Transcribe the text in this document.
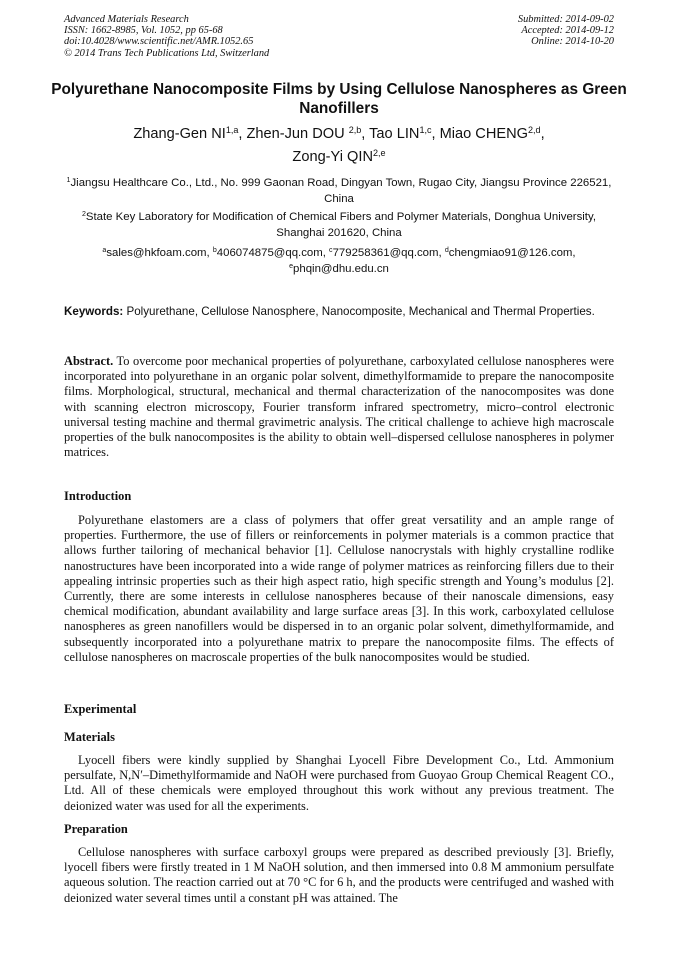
Advanced Materials Research
ISSN: 1662-8985, Vol. 1052, pp 65-68
doi:10.4028/www.scientific.net/AMR.1052.65
© 2014 Trans Tech Publications Ltd, Switzerland
Submitted: 2014-09-02
Accepted: 2014-09-12
Online: 2014-10-20
Polyurethane Nanocomposite Films by Using Cellulose Nanospheres as Green Nanofillers
Zhang-Gen NI$^{1,a}$, Zhen-Jun DOU $^{2,b}$, Tao LIN$^{1,c}$, Miao CHENG$^{2,d}$,
Zong-Yi QIN$^{2,e}$
$^1$Jiangsu Healthcare Co., Ltd., No. 999 Gaonan Road, Dingyan Town, Rugao City, Jiangsu Province 226521, China
$^2$State Key Laboratory for Modification of Chemical Fibers and Polymer Materials, Donghua University, Shanghai 201620, China
$^a$sales@hkfoam.com, $^b$406074875@qq.com, $^c$779258361@qq.com, $^d$chengmiao91@126.com,
$^e$phqin@dhu.edu.cn
Keywords: Polyurethane, Cellulose Nanosphere, Nanocomposite, Mechanical and Thermal Properties.
Abstract. To overcome poor mechanical properties of polyurethane, carboxylated cellulose nanospheres were incorporated into polyurethane in an organic polar solvent, dimethylformamide to prepare the nanocomposite films. Morphological, structural, mechanical and thermal characterization of the nanocomposites was done with scanning electron microscopy, Fourier transform infrared spectrometry, micro–control electronic universal testing machine and thermal gravimetric analysis. The critical challenge to achieve high macroscale properties of the bulk nanocomposites is the ability to obtain well–dispersed cellulose nanospheres in polymer matrices.
Introduction

Polyurethane elastomers are a class of polymers that offer great versatility and an ample range of properties. Furthermore, the use of fillers or reinforcements in polymer materials is a common practice that allows further tailoring of mechanical behavior [1]. Cellulose nanocrystals with highly crystalline rodlike nanostructures have been incorporated into a wide range of polymer matrices as reinforcing fillers due to their appealing intrinsic properties such as their high aspect ratio, high specific strength and Young’s modulus [2]. Currently, there are some interests in cellulose nanospheres because of their nanoscale dimensions, easy chemical modification, abundant availability and large surface areas [3]. In this work, carboxylated cellulose nanospheres as green nanofillers would be dispersed in to an organic polar solvent, dimethylformamide, and subsequently incorporated into a polyurethane matrix to prepare the nanocomposite films. The effects of cellulose nanospheres on macroscale properties of the bulk nanocomposites would be studied.

Experimental
Materials

Lyocell fibers were kindly supplied by Shanghai Lyocell Fibre Development Co., Ltd. Ammonium persulfate, N,N′–Dimethylformamide and NaOH were purchased from Guoyao Group Chemical Reagent CO., Ltd. All of these chemicals were employed throughout this work without any previous treatment. The deionized water was used for all the experiments.

Preparation

Cellulose nanospheres with surface carboxyl groups were prepared as described previously [3]. Briefly, lyocell fibers were firstly treated in 1 M NaOH solution, and then immersed into 0.8 M ammonium persulfate aqueous solution. The reaction carried out at 70 °C for 6 h, and the products were centrifuged and washed with deionized water several times until a constant pH was attained. The
